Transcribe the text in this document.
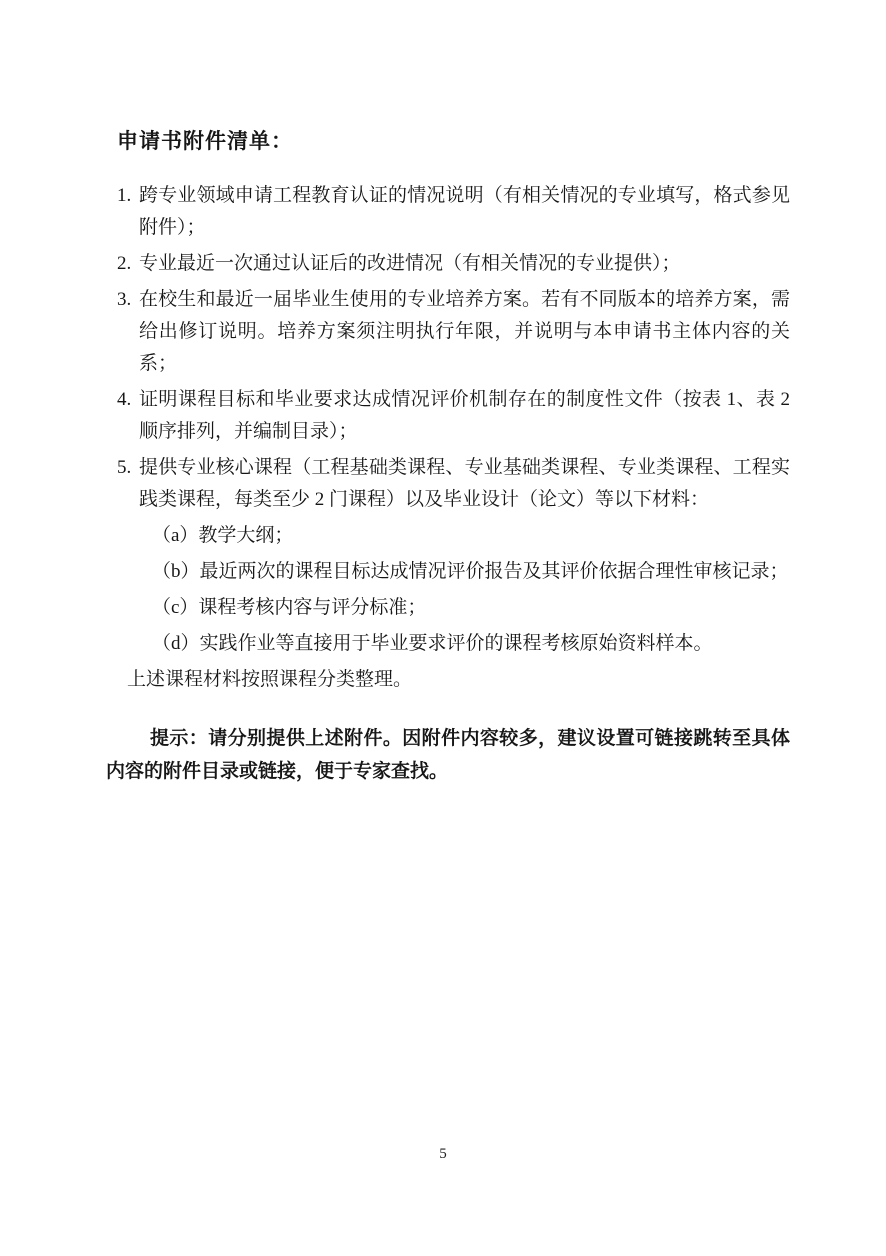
申请书附件清单：
1. 跨专业领域申请工程教育认证的情况说明（有相关情况的专业填写，格式参见附件）；
2. 专业最近一次通过认证后的改进情况（有相关情况的专业提供）；
3. 在校生和最近一届毕业生使用的专业培养方案。若有不同版本的培养方案，需给出修订说明。培养方案须注明执行年限，并说明与本申请书主体内容的关系；
4. 证明课程目标和毕业要求达成情况评价机制存在的制度性文件（按表 1、表 2 顺序排列，并编制目录）；
5. 提供专业核心课程（工程基础类课程、专业基础类课程、专业类课程、工程实践类课程，每类至少 2 门课程）以及毕业设计（论文）等以下材料：
（a）教学大纲；
（b）最近两次的课程目标达成情况评价报告及其评价依据合理性审核记录；
（c）课程考核内容与评分标准；
（d）实践作业等直接用于毕业要求评价的课程考核原始资料样本。
上述课程材料按照课程分类整理。
提示：请分别提供上述附件。因附件内容较多，建议设置可链接跳转至具体内容的附件目录或链接，便于专家查找。
5
